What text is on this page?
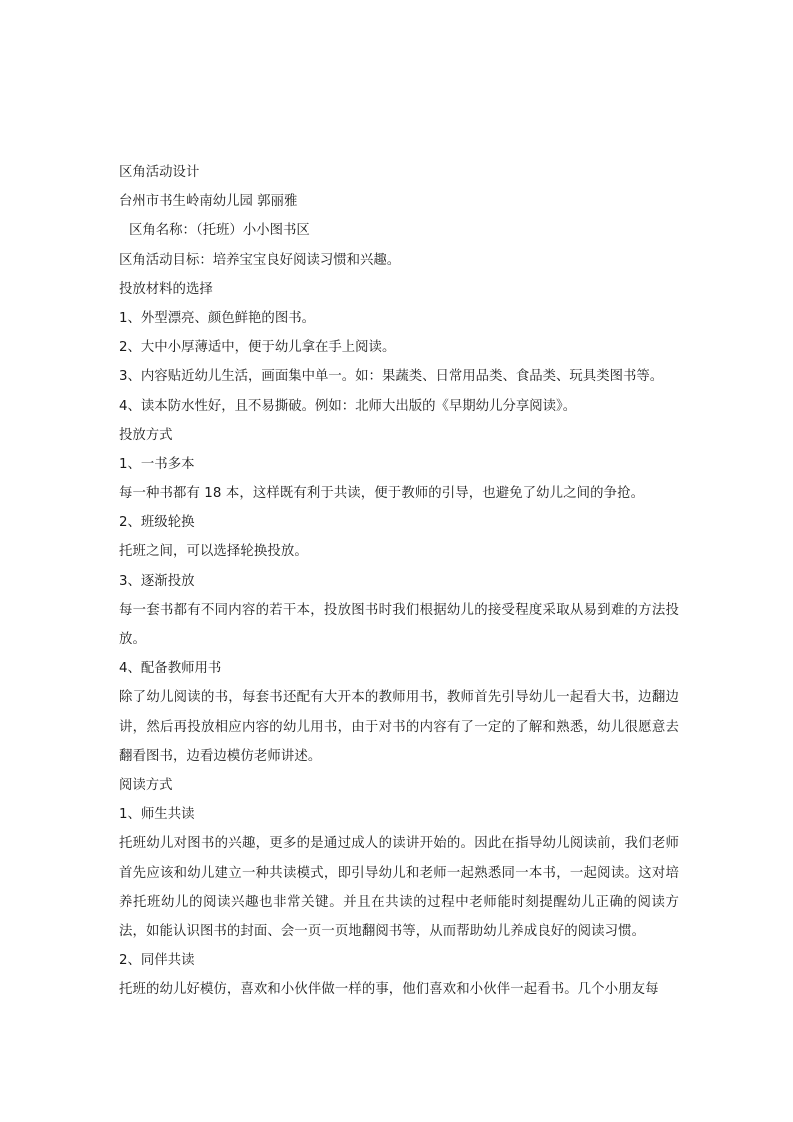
区角活动设计
台州市书生岭南幼儿园 郭丽雅
区角名称：（托班）小小图书区
区角活动目标：培养宝宝良好阅读习惯和兴趣。
投放材料的选择
1、外型漂亮、颜色鲜艳的图书。
2、大中小厚薄适中，便于幼儿拿在手上阅读。
3、内容贴近幼儿生活，画面集中单一。如：果蔬类、日常用品类、食品类、玩具类图书等。
4、读本防水性好，且不易撕破。例如：北师大出版的《早期幼儿分享阅读》。
投放方式
1、一书多本
每一种书都有 18 本，这样既有利于共读，便于教师的引导，也避免了幼儿之间的争抢。
2、班级轮换
托班之间，可以选择轮换投放。
3、逐渐投放
每一套书都有不同内容的若干本，投放图书时我们根据幼儿的接受程度采取从易到难的方法投放。
4、配备教师用书
除了幼儿阅读的书，每套书还配有大开本的教师用书，教师首先引导幼儿一起看大书，边翻边讲，然后再投放相应内容的幼儿用书，由于对书的内容有了一定的了解和熟悉，幼儿很愿意去翻看图书，边看边模仿老师讲述。
阅读方式
1、师生共读
托班幼儿对图书的兴趣，更多的是通过成人的读讲开始的。因此在指导幼儿阅读前，我们老师首先应该和幼儿建立一种共读模式，即引导幼儿和老师一起熟悉同一本书，一起阅读。这对培养托班幼儿的阅读兴趣也非常关键。并且在共读的过程中老师能时刻提醒幼儿正确的阅读方法，如能认识图书的封面、会一页一页地翻阅书等，从而帮助幼儿养成良好的阅读习惯。
2、同伴共读
托班的幼儿好模仿，喜欢和小伙伴做一样的事，他们喜欢和小伙伴一起看书。几个小朋友每
